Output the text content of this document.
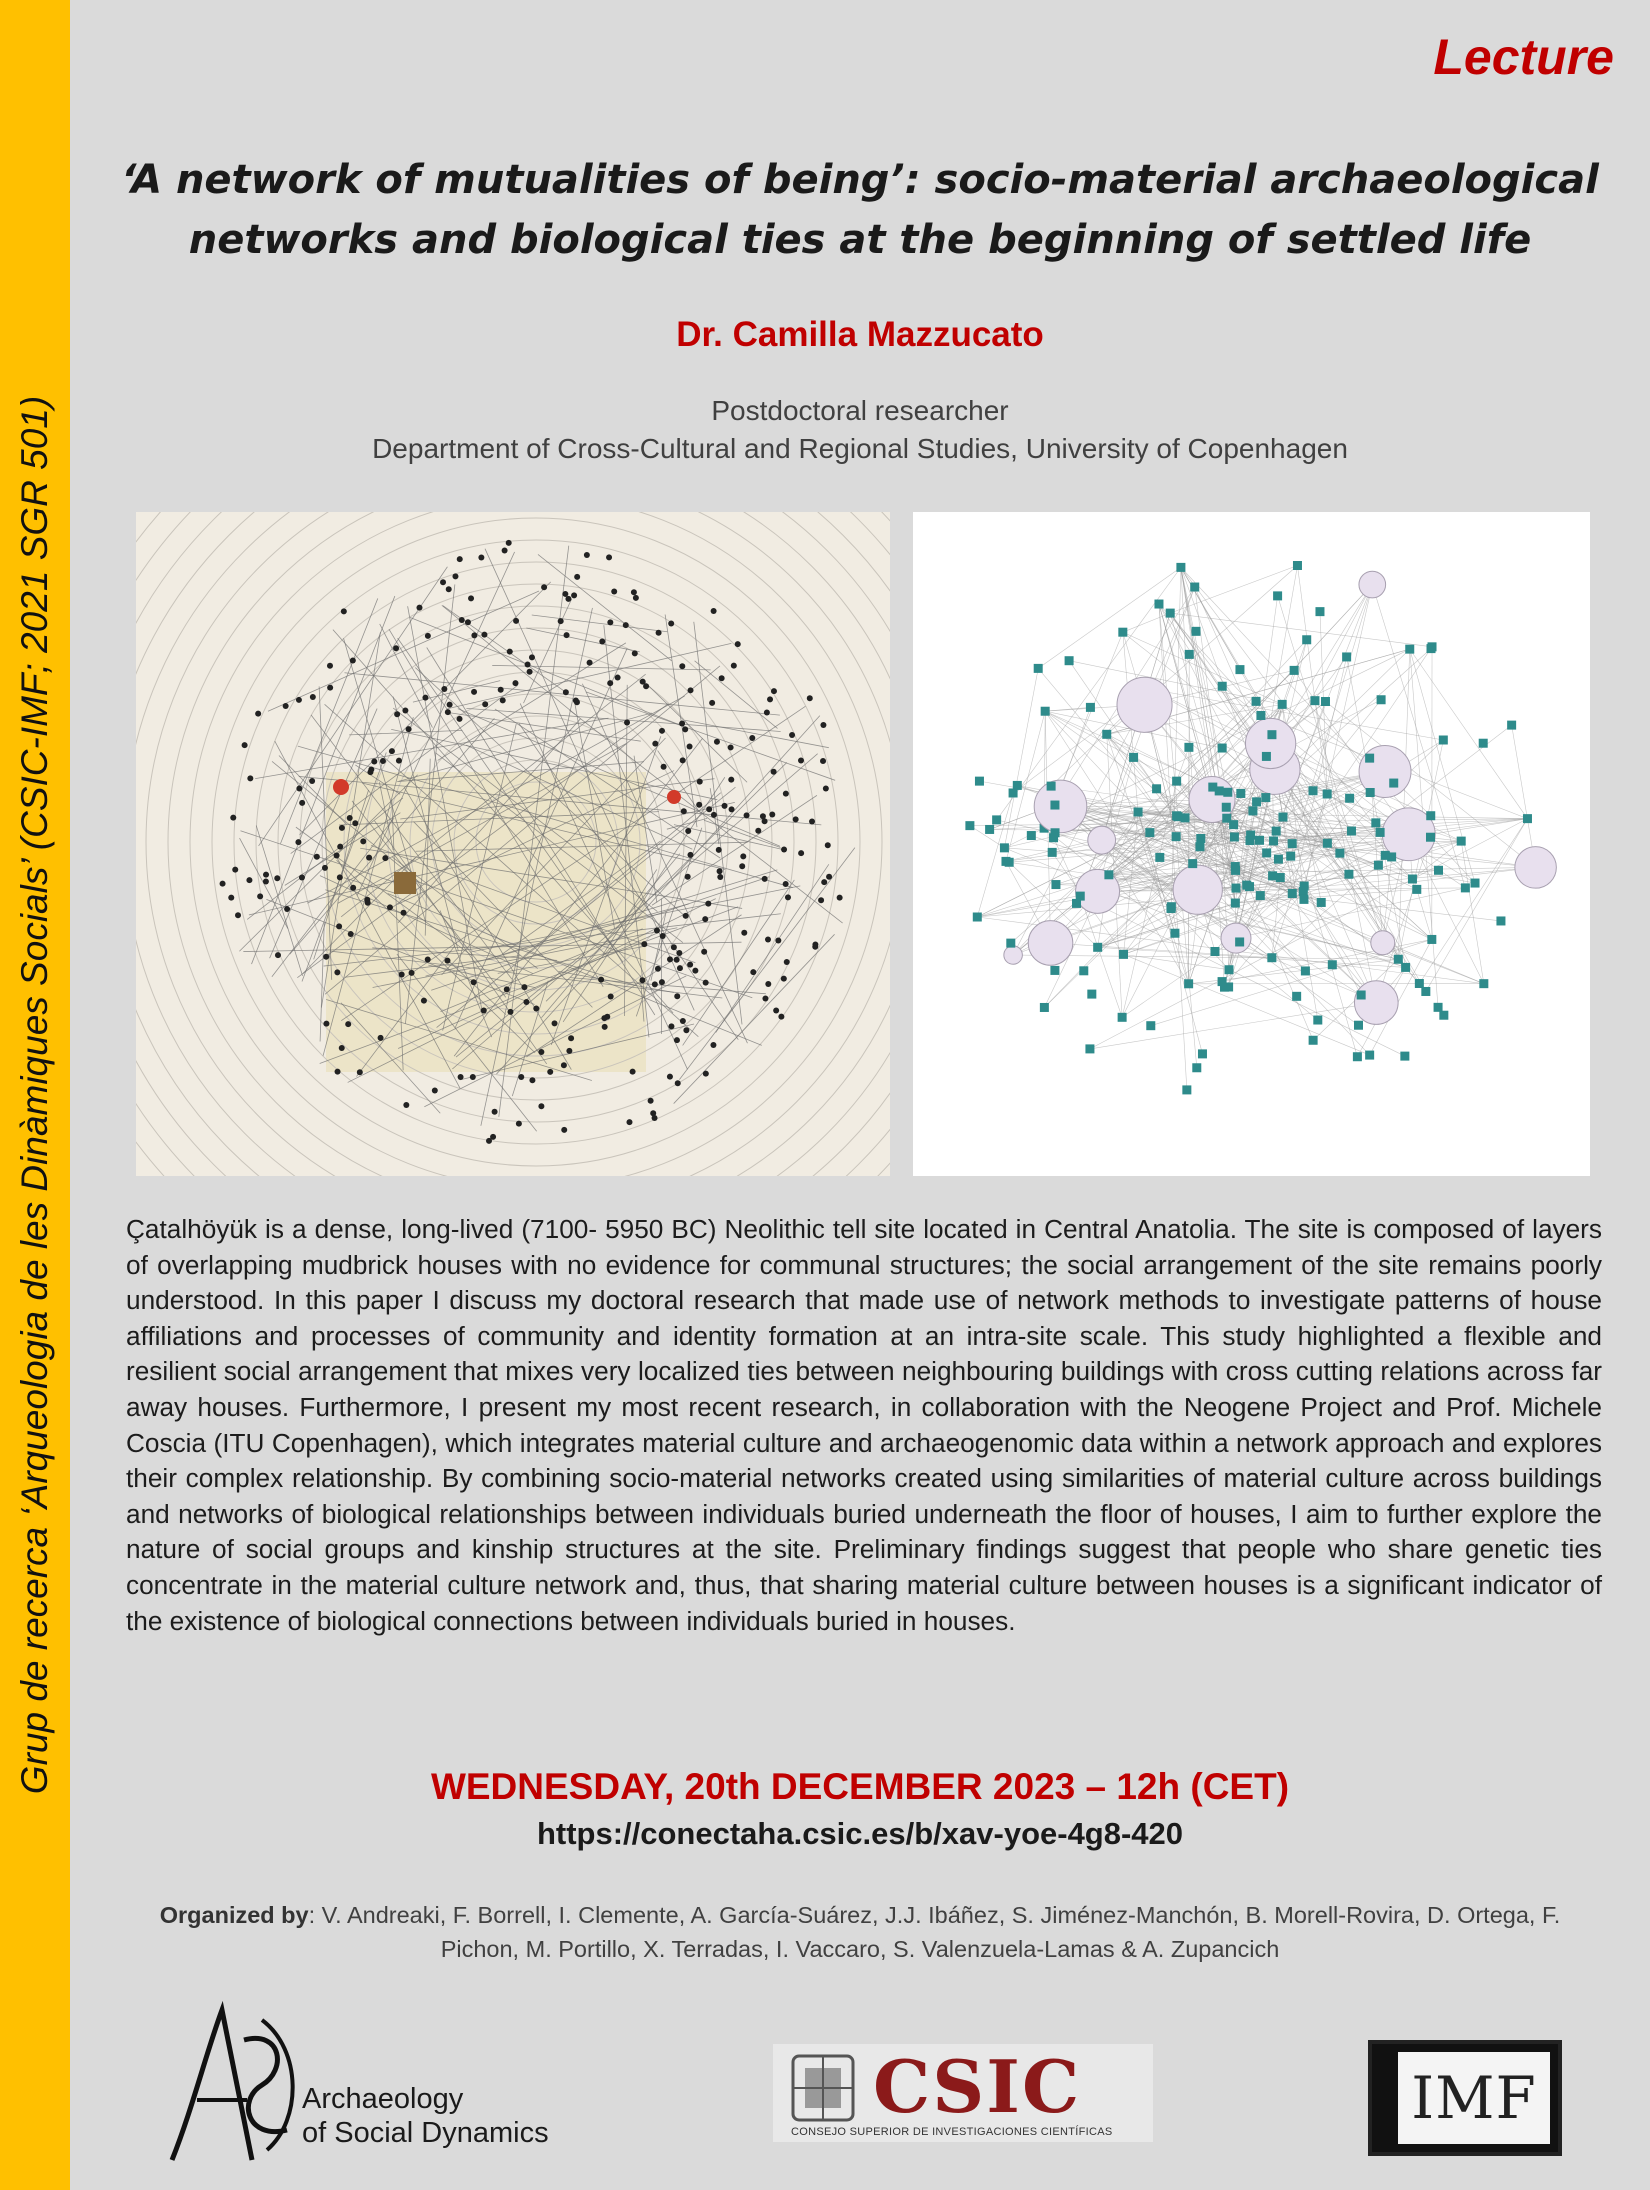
Grup de recerca ‘Arqueologia de les Dinàmiques Socials’ (CSIC-IMF; 2021 SGR 501)
Lecture
‘A network of mutualities of being’: socio-material archaeological networks and biological ties at the beginning of settled life
Dr. Camilla Mazzucato
Postdoctoral researcher
Department of Cross-Cultural and Regional Studies, University of Copenhagen
Çatalhöyük is a dense, long-lived (7100- 5950 BC) Neolithic tell site located in Central Anatolia. The site is composed of layers of overlapping mudbrick houses with no evidence for communal structures; the social arrangement of the site remains poorly understood. In this paper I discuss my doctoral research that made use of network methods to investigate patterns of house affiliations and processes of community and identity formation at an intra-site scale. This study highlighted a flexible and resilient social arrangement that mixes very localized ties between neighbouring buildings with cross cutting relations across far away houses. Furthermore, I present my most recent research, in collaboration with the Neogene Project and Prof. Michele Coscia (ITU Copenhagen), which integrates material culture and archaeogenomic data within a network approach and explores their complex relationship. By combining socio-material networks created using similarities of material culture across buildings and networks of biological relationships between individuals buried underneath the floor of houses, I aim to further explore the nature of social groups and kinship structures at the site. Preliminary findings suggest that people who share genetic ties concentrate in the material culture network and, thus, that sharing material culture between houses is a significant indicator of the existence of biological connections between individuals buried in houses.
WEDNESDAY, 20th DECEMBER 2023 – 12h (CET)
https://conectaha.csic.es/b/xav-yoe-4g8-420
Organized by: V. Andreaki, F. Borrell, I. Clemente, A. García-Suárez, J.J. Ibáñez, S. Jiménez-Manchón, B. Morell-Rovira, D. Ortega, F. Pichon, M. Portillo, X. Terradas, I. Vaccaro, S. Valenzuela-Lamas & A. Zupancich
Archaeology
of Social Dynamics
CSIC
CONSEJO SUPERIOR DE INVESTIGACIONES CIENTÍFICAS	IMF
